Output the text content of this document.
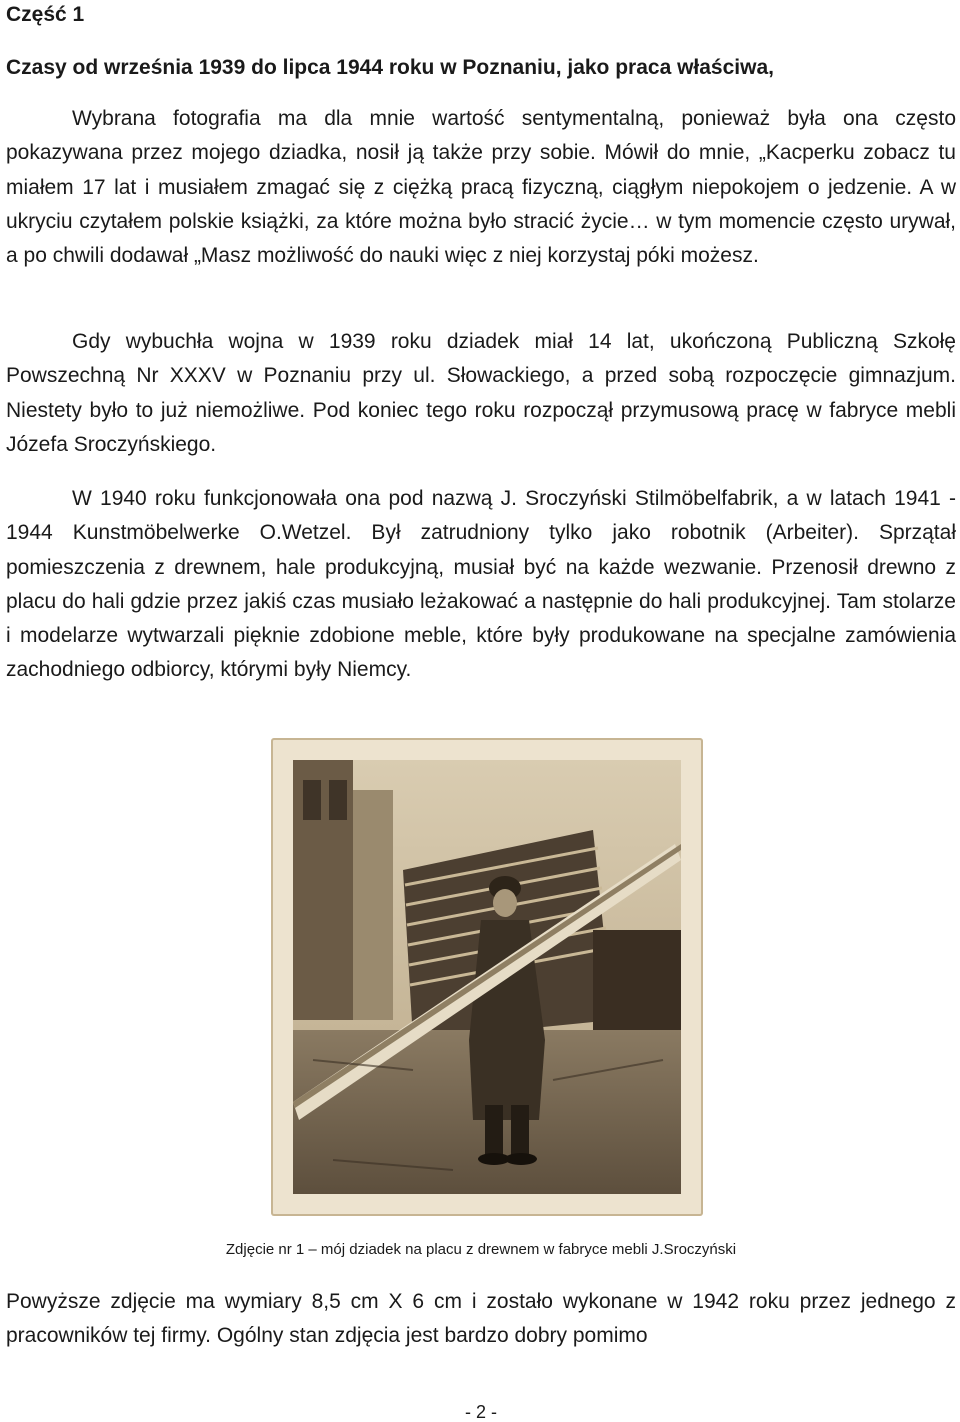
Część 1
Czasy od września 1939 do lipca 1944 roku w Poznaniu, jako praca właściwa,

Wybrana fotografia ma dla mnie wartość sentymentalną, ponieważ była ona często pokazywana przez mojego dziadka, nosił ją także przy sobie. Mówił do mnie, „Kacperku zobacz tu miałem 17 lat i musiałem zmagać się z ciężką pracą fizyczną, ciągłym niepokojem o jedzenie. A w ukryciu czytałem polskie książki, za które można było stracić życie… w tym momencie często urywał, a po chwili dodawał „Masz możliwość do nauki więc z niej korzystaj póki możesz.

Gdy wybuchła wojna w 1939 roku dziadek miał 14 lat, ukończoną Publiczną Szkołę Powszechną Nr XXXV w Poznaniu przy ul. Słowackiego, a przed sobą rozpoczęcie gimnazjum. Niestety było to już niemożliwe. Pod koniec tego roku rozpoczął przymusową pracę w fabryce mebli Józefa Sroczyńskiego.

W 1940 roku funkcjonowała ona pod nazwą J. Sroczyński Stilmöbelfabrik, a w latach 1941 - 1944 Kunstmöbelwerke O.Wetzel. Był zatrudniony tylko jako robotnik (Arbeiter). Sprzątał pomieszczenia z drewnem, hale produkcyjną, musiał być na każde wezwanie. Przenosił drewno z placu do hali gdzie przez jakiś czas musiało leżakować a następnie do hali produkcyjnej. Tam stolarze i modelarze wytwarzali pięknie zdobione meble, które były produkowane na specjalne zamówienia zachodniego odbiorcy, którymi były Niemcy.

Zdjęcie nr 1 – mój dziadek na placu z drewnem w fabryce mebli J.Sroczyński

Powyższe zdjęcie ma wymiary 8,5 cm X 6 cm i zostało wykonane w 1942 roku przez jednego z pracowników tej firmy. Ogólny stan zdjęcia jest bardzo dobry pomimo

- 2 -
